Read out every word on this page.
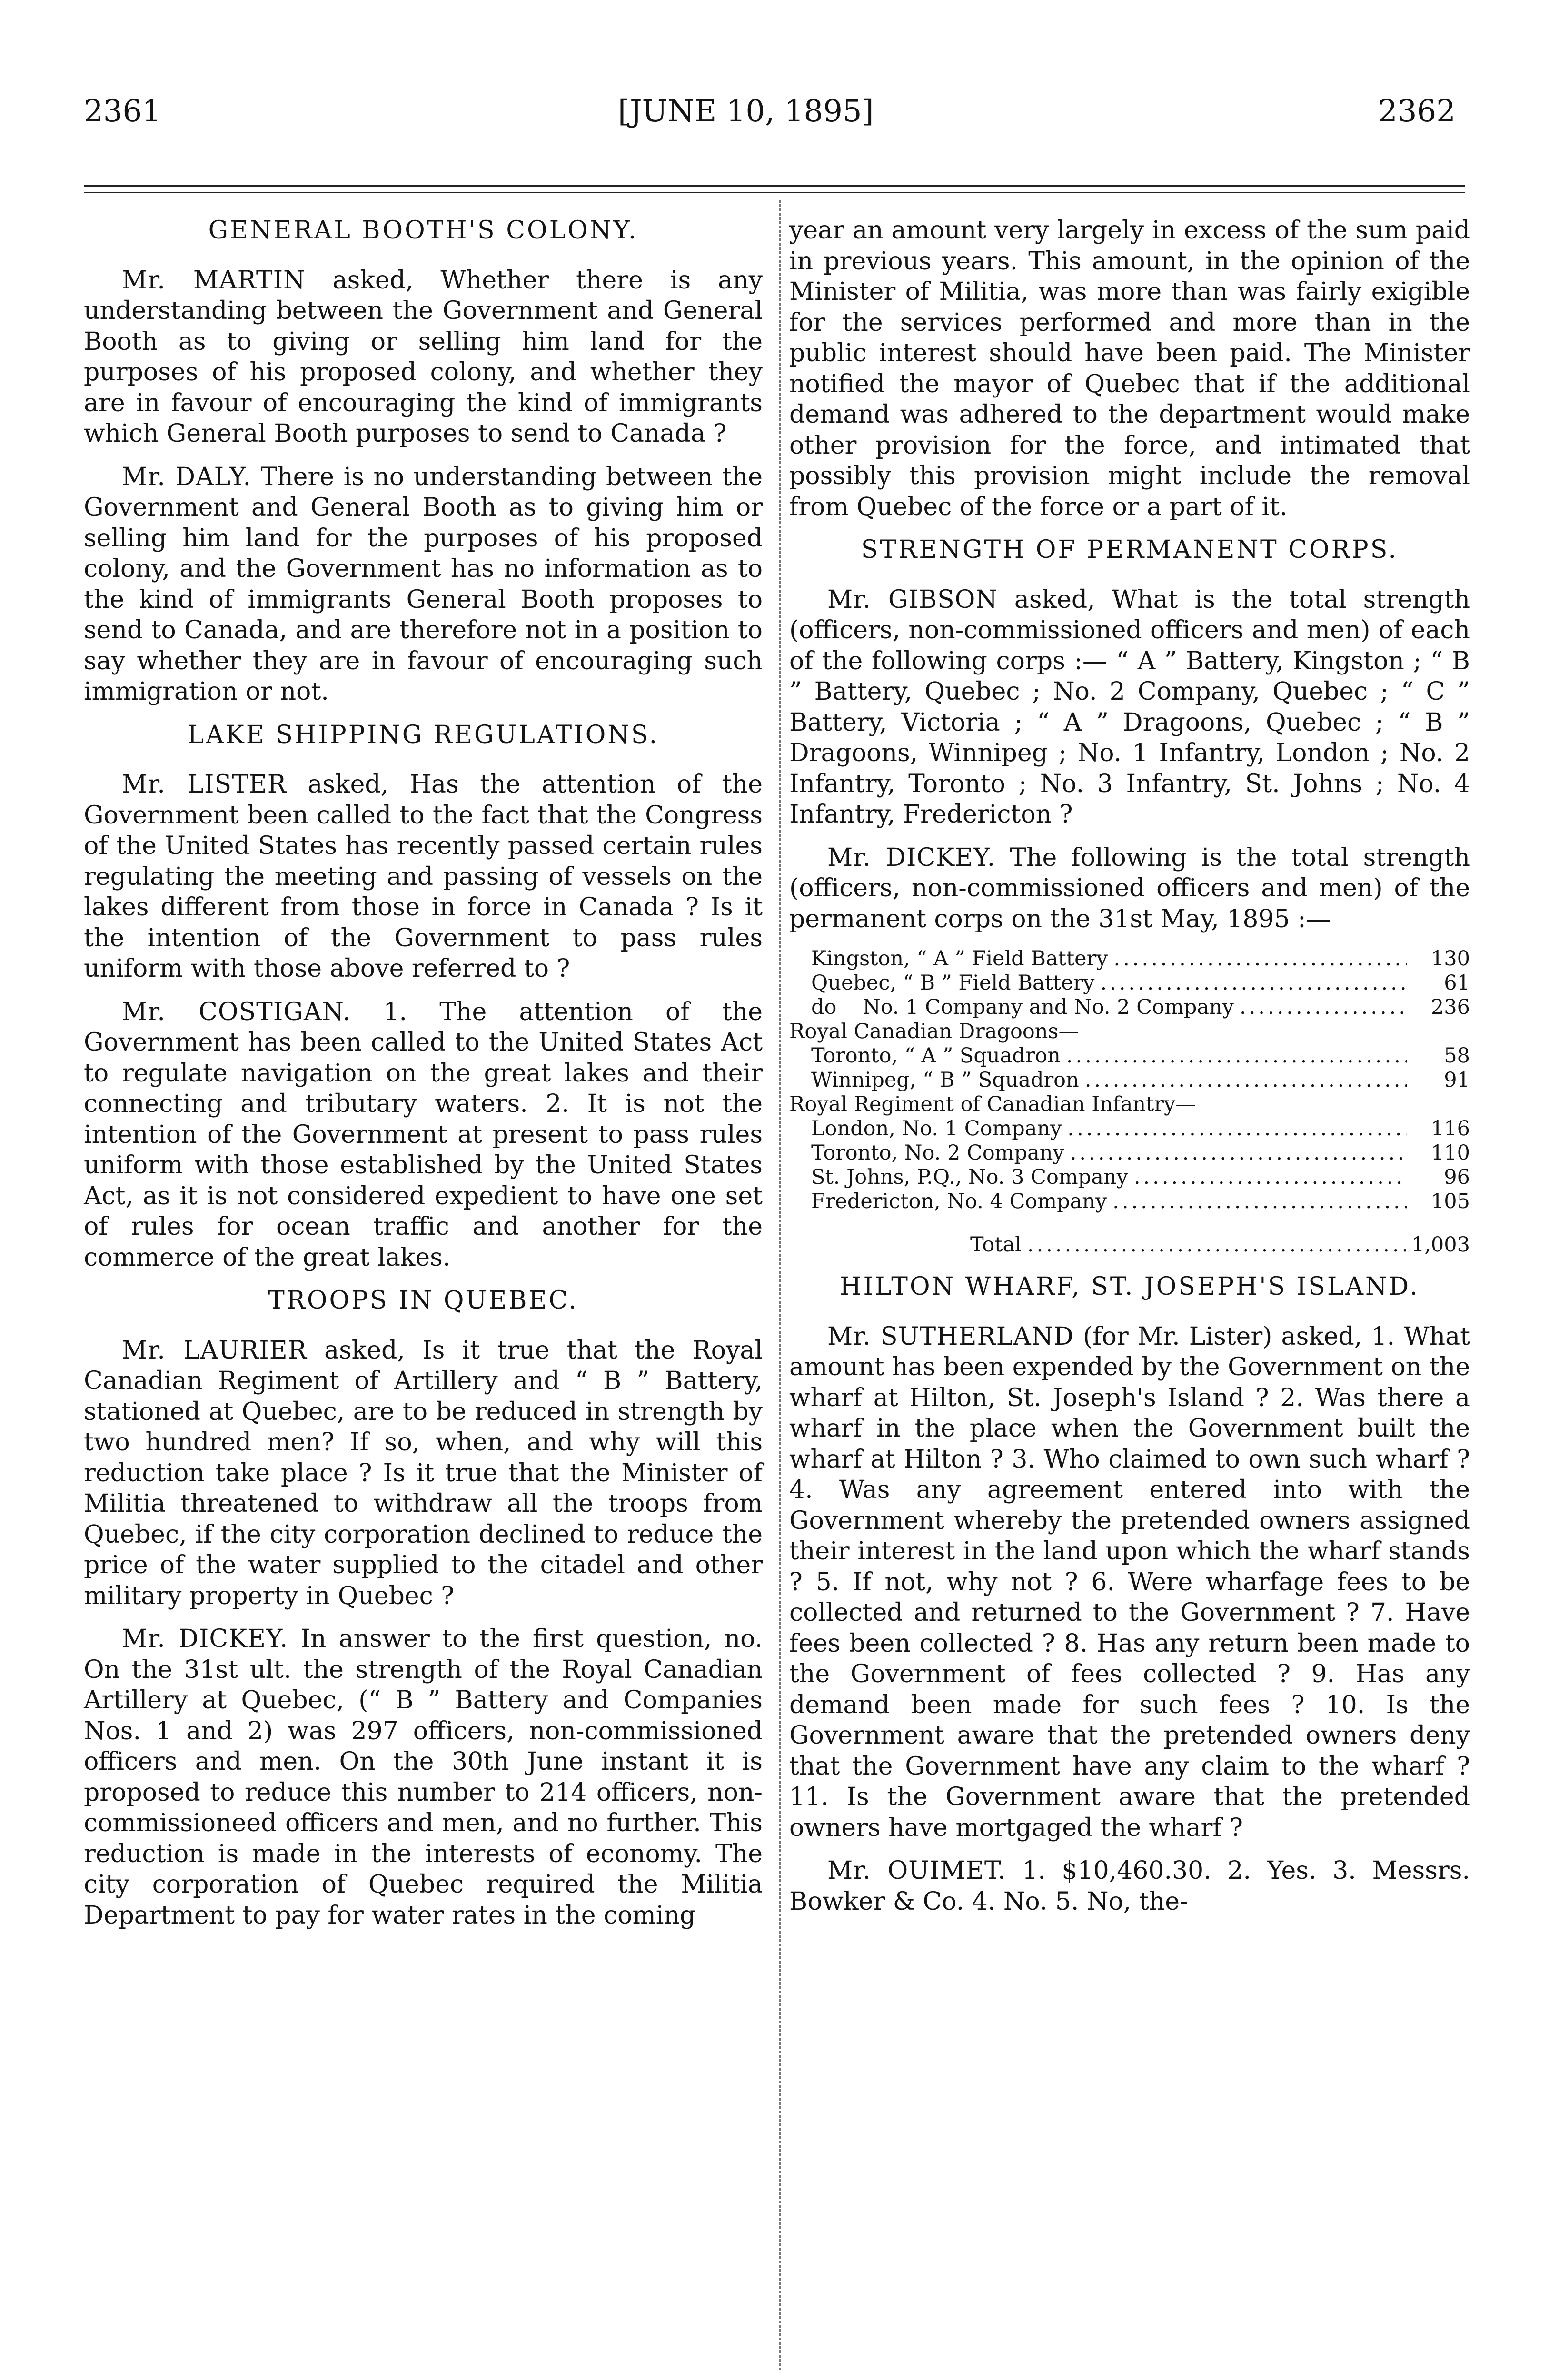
2361	[JUNE 10, 1895]	2362
GENERAL BOOTH'S COLONY.

Mr. MARTIN asked, Whether there is any understanding between the Government and General Booth as to giving or selling him land for the purposes of his proposed colony, and whether they are in favour of encouraging the kind of immigrants which General Booth purposes to send to Canada ?

Mr. DALY. There is no understanding between the Government and General Booth as to giving him or selling him land for the purposes of his proposed colony, and the Government has no information as to the kind of immigrants General Booth proposes to send to Canada, and are therefore not in a position to say whether they are in favour of encouraging such immigration or not.

LAKE SHIPPING REGULATIONS.

Mr. LISTER asked, Has the attention of the Government been called to the fact that the Congress of the United States has recently passed certain rules regulating the meeting and passing of vessels on the lakes different from those in force in Canada ? Is it the intention of the Government to pass rules uniform with those above referred to ?

Mr. COSTIGAN. 1. The attention of the Government has been called to the United States Act to regulate navigation on the great lakes and their connecting and tributary waters. 2. It is not the intention of the Government at present to pass rules uniform with those established by the United States Act, as it is not considered expedient to have one set of rules for ocean traffic and another for the commerce of the great lakes.

TROOPS IN QUEBEC.

Mr. LAURIER asked, Is it true that the Royal Canadian Regiment of Artillery and “ B ” Battery, stationed at Quebec, are to be reduced in strength by two hundred men? If so, when, and why will this reduction take place ? Is it true that the Minister of Militia threatened to withdraw all the troops from Quebec, if the city corporation declined to reduce the price of the water supplied to the citadel and other military property in Quebec ?

Mr. DICKEY. In answer to the first question, no. On the 31st ult. the strength of the Royal Canadian Artillery at Quebec, (“ B ” Battery and Companies Nos. 1 and 2) was 297 officers, non-commissioned officers and men. On the 30th June instant it is proposed to reduce this number to 214 officers, non-commissioneed officers and men, and no further. This reduction is made in the interests of economy. The city corporation of Quebec required the Militia Department to pay for water rates in the coming

year an amount very largely in excess of the sum paid in previous years. This amount, in the opinion of the Minister of Militia, was more than was fairly exigible for the services performed and more than in the public interest should have been paid. The Minister notified the mayor of Quebec that if the additional demand was adhered to the department would make other provision for the force, and intimated that possibly this provision might include the removal from Quebec of the force or a part of it.

STRENGTH OF PERMANENT CORPS.

Mr. GIBSON asked, What is the total strength (officers, non-commissioned officers and men) of each of the following corps :— “ A ” Battery, Kingston ; “ B ” Battery, Quebec ; No. 2 Company, Quebec ; “ C ” Battery, Victoria ; “ A ” Dragoons, Quebec ; “ B ” Dragoons, Winnipeg ; No. 1 Infantry, London ; No. 2 Infantry, Toronto ; No. 3 Infantry, St. Johns ; No. 4 Infantry, Fredericton ?

Mr. DICKEY. The following is the total strength (officers, non-commissioned officers and men) of the permanent corps on the 31st May, 1895 :—

Kingston, “ A ” Field Battery .....	130
Quebec, “ B ” Field Battery .....	61
do    No. 1 Company and No. 2 Company .....	236
Royal Canadian Dragoons—
Toronto, “ A ” Squadron .....	58
Winnipeg, “ B ” Squadron .....	91
Royal Regiment of Canadian Infantry—
London, No. 1 Company .....	116
Toronto, No. 2 Company .....	110
St. Johns, P.Q., No. 3 Company .....	96
Fredericton, No. 4 Company .....	105
Total .....	1,003
HILTON WHARF, ST. JOSEPH'S ISLAND.

Mr. SUTHERLAND (for Mr. Lister) asked, 1. What amount has been expended by the Government on the wharf at Hilton, St. Joseph's Island ? 2. Was there a wharf in the place when the Government built the wharf at Hilton ? 3. Who claimed to own such wharf ? 4. Was any agreement entered into with the Government whereby the pretended owners assigned their interest in the land upon which the wharf stands ? 5. If not, why not ? 6. Were wharfage fees to be collected and returned to the Government ? 7. Have fees been collected ? 8. Has any return been made to the Government of fees collected ? 9. Has any demand been made for such fees ? 10. Is the Government aware that the pretended owners deny that the Government have any claim to the wharf ? 11. Is the Government aware that the pretended owners have mortgaged the wharf ?

Mr. OUIMET. 1. $10,460.30. 2. Yes. 3. Messrs. Bowker & Co. 4. No. 5. No, the-
